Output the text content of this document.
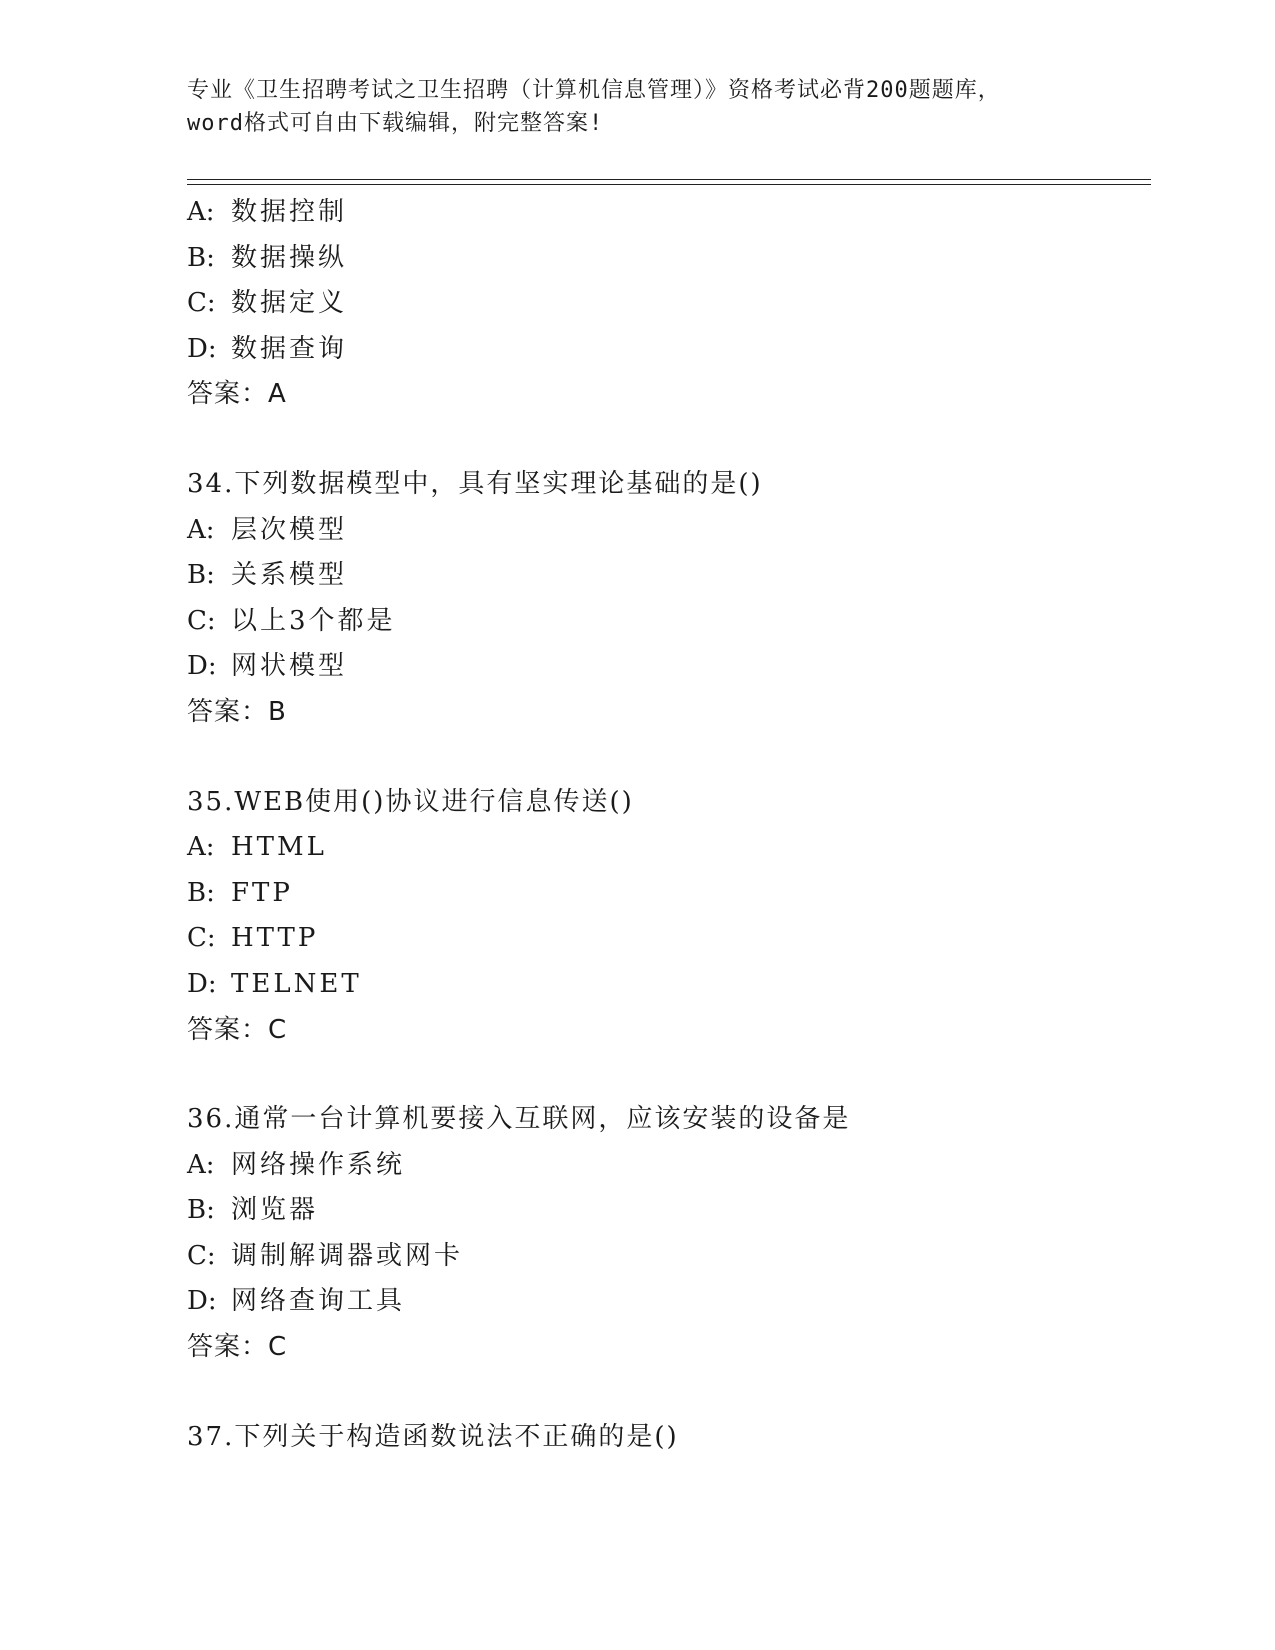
专业《卫生招聘考试之卫生招聘（计算机信息管理）》资格考试必背200题题库，
word格式可自由下载编辑，附完整答案!
A: 数据控制
B: 数据操纵
C: 数据定义
D: 数据查询
答案：A
34.下列数据模型中，具有坚实理论基础的是()
A: 层次模型
B: 关系模型
C: 以上3个都是
D: 网状模型
答案：B
35.WEB使用()协议进行信息传送()
A: HTML
B: FTP
C: HTTP
D: TELNET
答案：C
36.通常一台计算机要接入互联网，应该安装的设备是
A: 网络操作系统
B: 浏览器
C: 调制解调器或网卡
D: 网络查询工具
答案：C
37.下列关于构造函数说法不正确的是()
